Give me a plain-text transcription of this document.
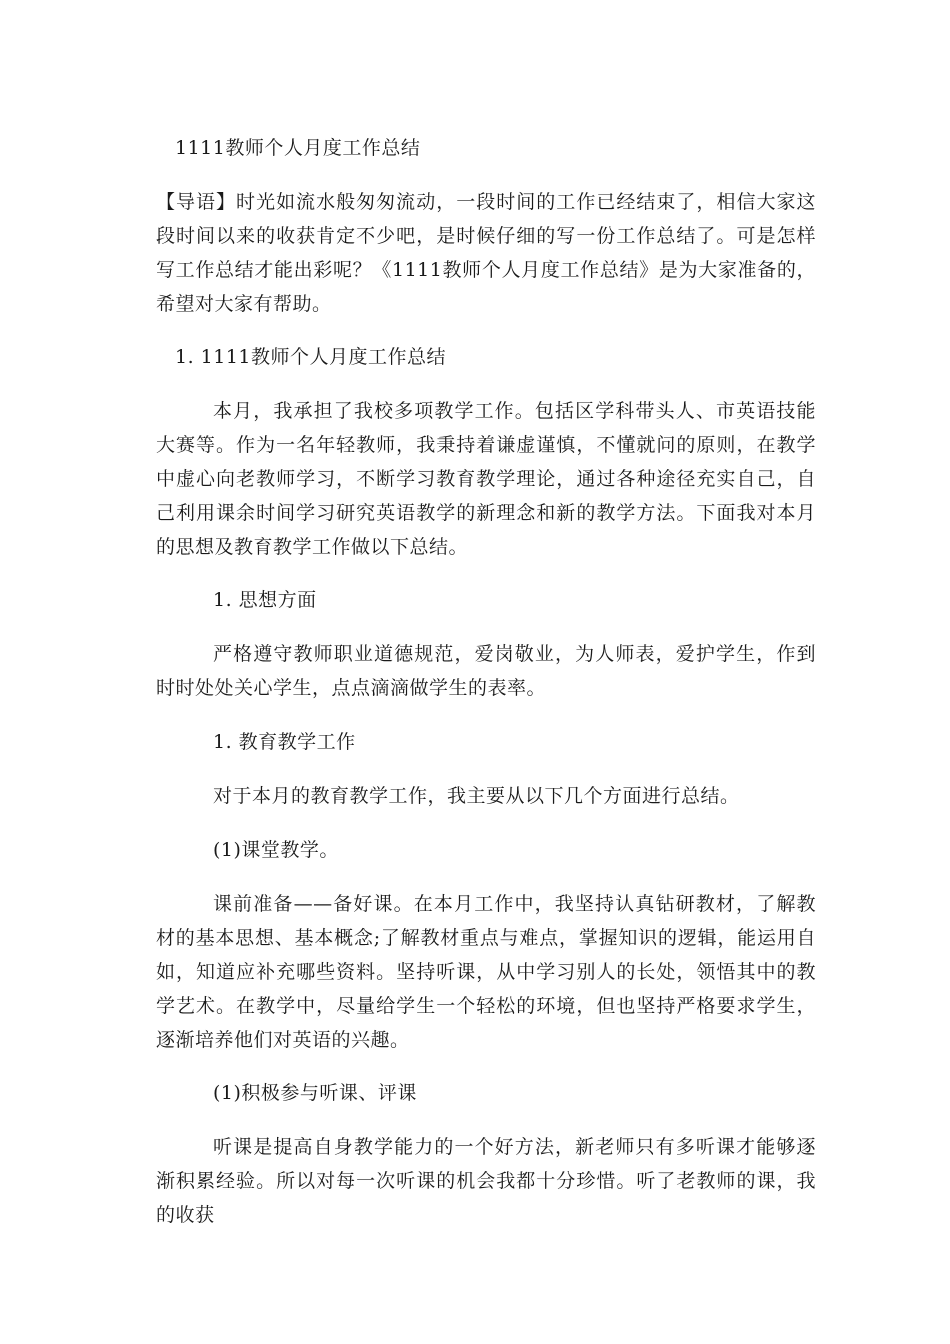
1111教师个人月度工作总结
【导语】时光如流水般匆匆流动，一段时间的工作已经结束了，相信大家这段时间以来的收获肯定不少吧，是时候仔细的写一份工作总结了。可是怎样写工作总结才能出彩呢？《1111教师个人月度工作总结》是为大家准备的，希望对大家有帮助。
1. 1111教师个人月度工作总结
本月，我承担了我校多项教学工作。包括区学科带头人、市英语技能大赛等。作为一名年轻教师，我秉持着谦虚谨慎，不懂就问的原则，在教学中虚心向老教师学习，不断学习教育教学理论，通过各种途径充实自己，自己利用课余时间学习研究英语教学的新理念和新的教学方法。下面我对本月的思想及教育教学工作做以下总结。
1. 思想方面
严格遵守教师职业道德规范，爱岗敬业，为人师表，爱护学生，作到时时处处关心学生，点点滴滴做学生的表率。
1. 教育教学工作
对于本月的教育教学工作，我主要从以下几个方面进行总结。
(1)课堂教学。
课前准备——备好课。在本月工作中，我坚持认真钻研教材，了解教材的基本思想、基本概念;了解教材重点与难点，掌握知识的逻辑，能运用自如，知道应补充哪些资料。坚持听课，从中学习别人的长处，领悟其中的教学艺术。在教学中，尽量给学生一个轻松的环境，但也坚持严格要求学生，逐渐培养他们对英语的兴趣。
(1)积极参与听课、评课
听课是提高自身教学能力的一个好方法，新老师只有多听课才能够逐渐积累经验。所以对每一次听课的机会我都十分珍惜。听了老教师的课，我的收获
